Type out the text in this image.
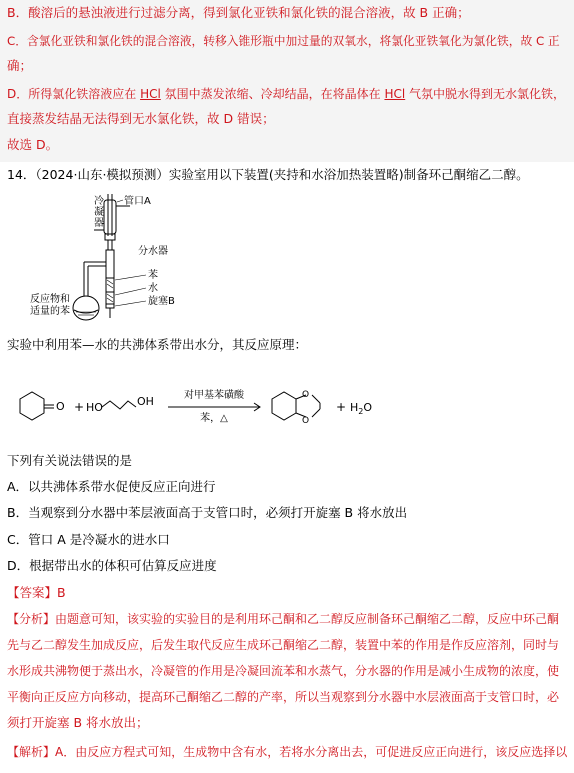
B．酸溶后的悬浊液进行过滤分离，得到氯化亚铁和氯化铁的混合溶液，故 B 正确；
C．含氯化亚铁和氯化铁的混合溶液，转移入锥形瓶中加过量的双氧水，将氯化亚铁氧化为氯化铁，故 C 正
确；
D．所得氯化铁溶液应在 HCl 氛围中蒸发浓缩、冷却结晶，在将晶体在 HCl 气氛中脱水得到无水氯化铁，
直接蒸发结晶无法得到无水氯化铁，故 D 错误；
故选 D。
14．（2024·山东·模拟预测）实验室用以下装置(夹持和水浴加热装置略)制备环己酮缩乙二醇。
冷
凝
器
管口A
分水器
苯
水
旋塞B
反应物和
适量的苯
实验中利用苯—水的共沸体系带出水分，其反应原理：
O + HO	OH	对甲基苯磺酸
苯，△
O
O
+ $H_2O$
下列有关说法错误的是
A．以共沸体系带水促使反应正向进行
B．当观察到分水器中苯层液面高于支管口时，必须打开旋塞 B 将水放出
C．管口 A 是冷凝水的进水口
D．根据带出水的体积可估算反应进度
【答案】B
【分析】由题意可知，该实验的实验目的是利用环己酮和乙二醇反应制备环己酮缩乙二醇，反应中环己酮
先与乙二醇发生加成反应，后发生取代反应生成环己酮缩乙二醇，装置中苯的作用是作反应溶剂，同时与
水形成共沸物便于蒸出水，冷凝管的作用是冷凝回流苯和水蒸气，分水器的作用是减小生成物的浓度，使
平衡向正反应方向移动，提高环己酮缩乙二醇的产率，所以当观察到分水器中水层液面高于支管口时，必
须打开旋塞 B 将水放出；
【解析】A．由反应方程式可知，生成物中含有水，若将水分离出去，可促进反应正向进行，该反应选择以
